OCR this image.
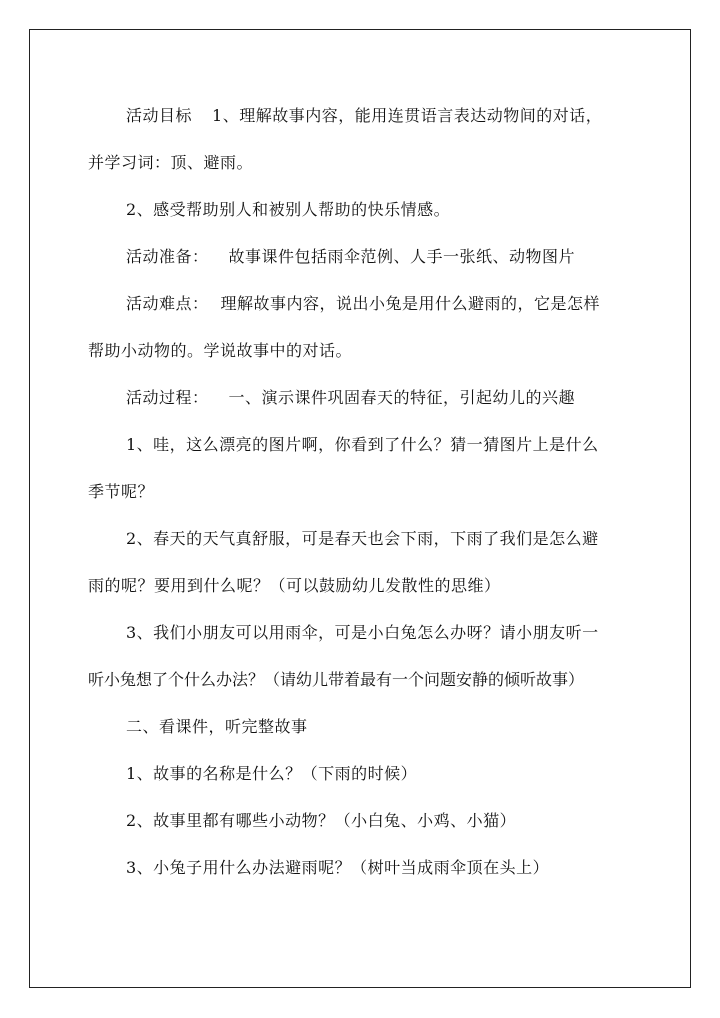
活动目标 1、理解故事内容，能用连贯语言表达动物间的对话，
并学习词：顶、避雨。
2、感受帮助别人和被别人帮助的快乐情感。
活动准备： 故事课件包括雨伞范例、人手一张纸、动物图片
活动难点： 理解故事内容，说出小兔是用什么避雨的，它是怎样
帮助小动物的。学说故事中的对话。
活动过程： 一、演示课件巩固春天的特征，引起幼儿的兴趣
1、哇，这么漂亮的图片啊，你看到了什么？猜一猜图片上是什么
季节呢？
2、春天的天气真舒服，可是春天也会下雨，下雨了我们是怎么避
雨的呢？要用到什么呢？（可以鼓励幼儿发散性的思维）
3、我们小朋友可以用雨伞，可是小白兔怎么办呀？请小朋友听一
听小兔想了个什么办法？（请幼儿带着最有一个问题安静的倾听故事）
二、看课件，听完整故事
1、故事的名称是什么？（下雨的时候）
2、故事里都有哪些小动物？（小白兔、小鸡、小猫）
3、小兔子用什么办法避雨呢？（树叶当成雨伞顶在头上）
